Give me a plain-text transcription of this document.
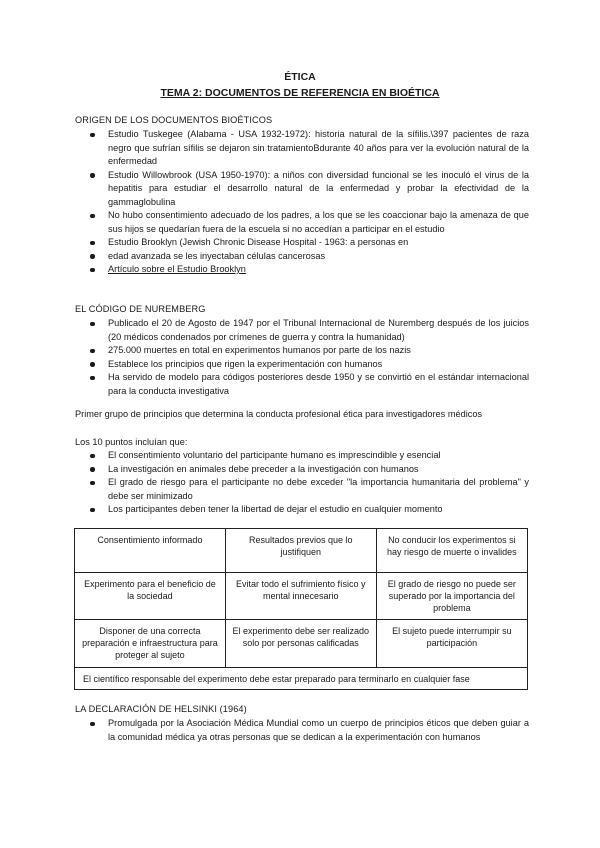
ÉTICA
TEMA 2: DOCUMENTOS DE REFERENCIA EN BIOÉTICA

ORIGEN DE LOS DOCUMENTOS BIOÉTICOS

Estudio Tuskegee (Alabama - USA 1932-1972): historia natural de la sífilis.\397 pacientes de raza negro que sufrían sífilis se dejaron sin tratamientoBdurante 40 años para ver la evolución natural de la enfermedad
Estudio Willowbrook (USA 1950-1970): a niños con diversidad funcional se les inoculó el virus de la hepatitis para estudiar el desarrollo natural de la enfermedad y probar la efectividad de la gammaglobulina
No hubo consentimiento adecuado de los padres, a los que se les coaccionar bajo la amenaza de que sus hijos se quedarían fuera de la escuela si no accedían a participar en el estudio
Estudio Brooklyn (Jewish Chronic Disease Hospital - 1963: a personas en
edad avanzada se les inyectaban células cancerosas
Artículo sobre el Estudio Brooklyn

EL CÓDIGO DE NUREMBERG

Publicado el 20 de Agosto de 1947 por el Tribunal Internacional de Nuremberg después de los juicios (20 médicos condenados por crímenes de guerra y contra la humanidad)
275.000 muertes en total en experimentos humanos por parte de los nazis
Establece los principios que rigen la experimentación con humanos
Ha servido de modelo para códigos posteriores desde 1950 y se convirtió en el estándar internacional para la conducta investigativa

Primer grupo de principios que determina la conducta profesional ética para investigadores médicos

Los 10 puntos incluían que:

El consentimiento voluntario del participante humano es imprescindible y esencial
La investigación en animales debe preceder a la investigación con humanos
El grado de riesgo para el participante no debe exceder "la importancia humanitaria del problema" y debe ser minimizado
Los participantes deben tener la libertad de dejar el estudio en cualquier momento
Consentimiento informado	Resultados previos que lo justifiquen	No conducir los experimentos si hay riesgo de muerte o invalides
Experimento para el beneficio de la sociedad	Evitar todo el sufrimiento físico y mental innecesario	El grado de riesgo no puede ser superado por la importancia del problema
Disponer de una correcta preparación e infraestructura para proteger al sujeto	El experimento debe ser realizado solo por personas calificadas	El sujeto puede interrumpir su participación
El científico responsable del experimento debe estar preparado para terminarlo en cualquier fase		

LA DECLARACIÓN DE HELSINKI (1964)

Promulgada por la Asociación Médica Mundial como un cuerpo de principios éticos que deben guiar a la comunidad médica ya otras personas que se dedican a la experimentación con humanos
